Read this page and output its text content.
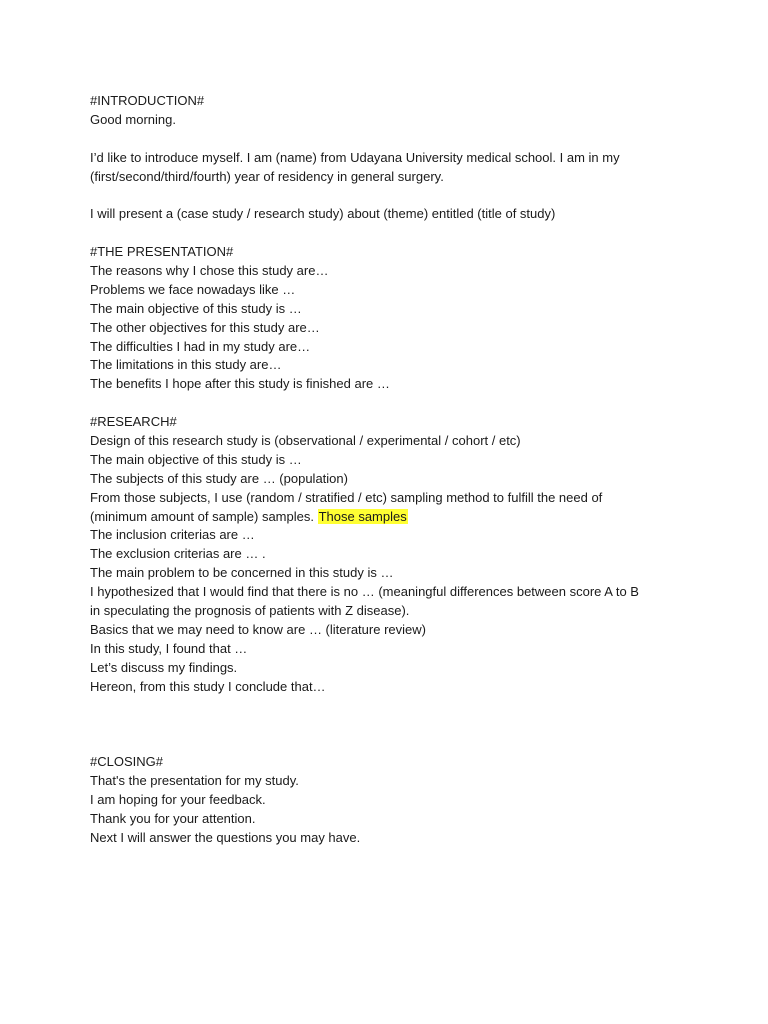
#INTRODUCTION#
Good morning.
I’d like to introduce myself. I am (name) from Udayana University medical school. I am in my
(first/second/third/fourth) year of residency in general surgery.
I will present a (case study / research study) about (theme) entitled (title of study)
#THE PRESENTATION#
The reasons why I chose this study are…
Problems we face nowadays like …
The main objective of this study is …
The other objectives for this study are…
The difficulties I had in my study are…
The limitations in this study are…
The benefits I hope after this study is finished are …
#RESEARCH#
Design of this research study is (observational / experimental / cohort / etc)
The main objective of this study is …
The subjects of this study are … (population)
From those subjects, I use (random / stratified / etc) sampling method to fulfill the need of
(minimum amount of sample) samples. Those samples
The inclusion criterias are …
The exclusion criterias are … .
The main problem to be concerned in this study is …
I hypothesized that I would find that there is no … (meaningful differences between score A to B
in speculating the prognosis of patients with Z disease).
Basics that we may need to know are … (literature review)
In this study, I found that …
Let’s discuss my findings.
Hereon, from this study I conclude that…
#CLOSING#
That's the presentation for my study.
I am hoping for your feedback.
Thank you for your attention.
Next I will answer the questions you may have.
